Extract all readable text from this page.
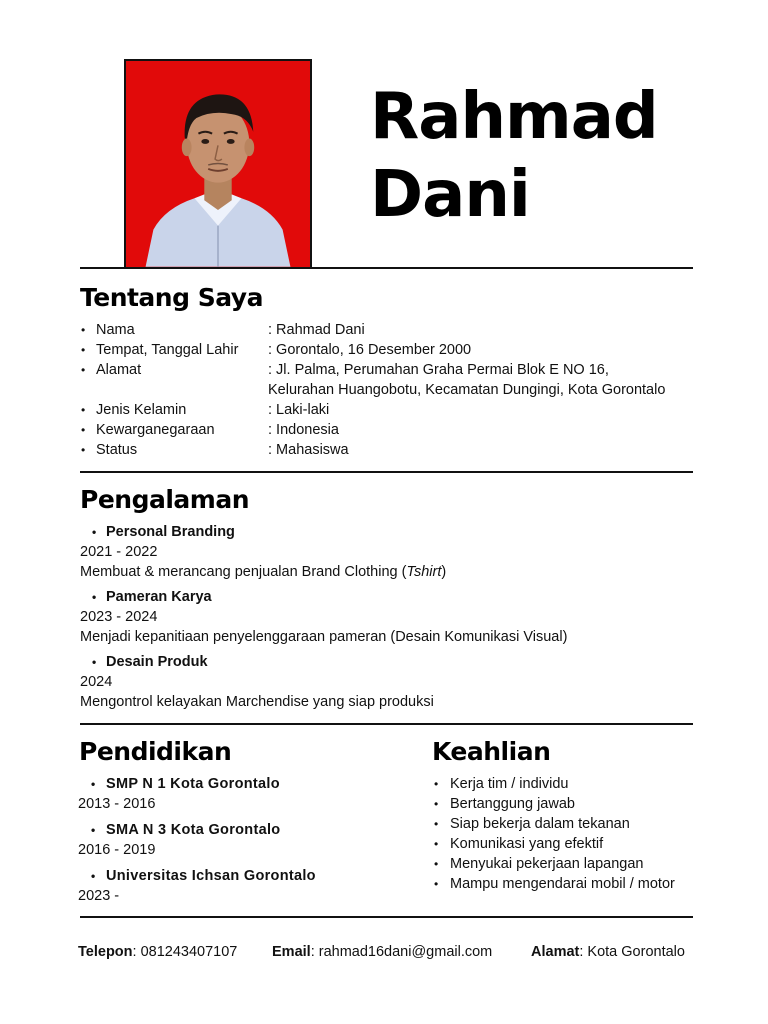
Rahmad
Dani
Tentang Saya
• Nama	: Rahmad Dani
• Tempat, Tanggal Lahir	: Gorontalo, 16 Desember 2000
• Alamat	: Jl. Palma, Perumahan Graha Permai Blok E NO 16,
Kelurahan Huangobotu, Kecamatan Dungingi, Kota Gorontalo
• Jenis Kelamin	: Laki-laki
• Kewarganegaraan	: Indonesia
• Status	: Mahasiswa
Pengalaman
• Personal Branding
2021 - 2022
Membuat & merancang penjualan Brand Clothing (Tshirt)
• Pameran Karya
2023 - 2024
Menjadi kepanitiaan penyelenggaraan pameran (Desain Komunikasi Visual)
• Desain Produk
2024
Mengontrol kelayakan Marchendise yang siap produksi
Pendidikan
• SMP N 1 Kota Gorontalo
2013 - 2016
• SMA N 3 Kota Gorontalo
2016 - 2019
• Universitas Ichsan Gorontalo
2023 -
Keahlian
• Kerja tim / individu
• Bertanggung jawab
• Siap bekerja dalam tekanan
• Komunikasi yang efektif
• Menyukai pekerjaan lapangan
• Mampu mengendarai mobil / motor
Telepon: 081243407107 Email: rahmad16dani@gmail.com	Alamat: Kota Gorontalo
